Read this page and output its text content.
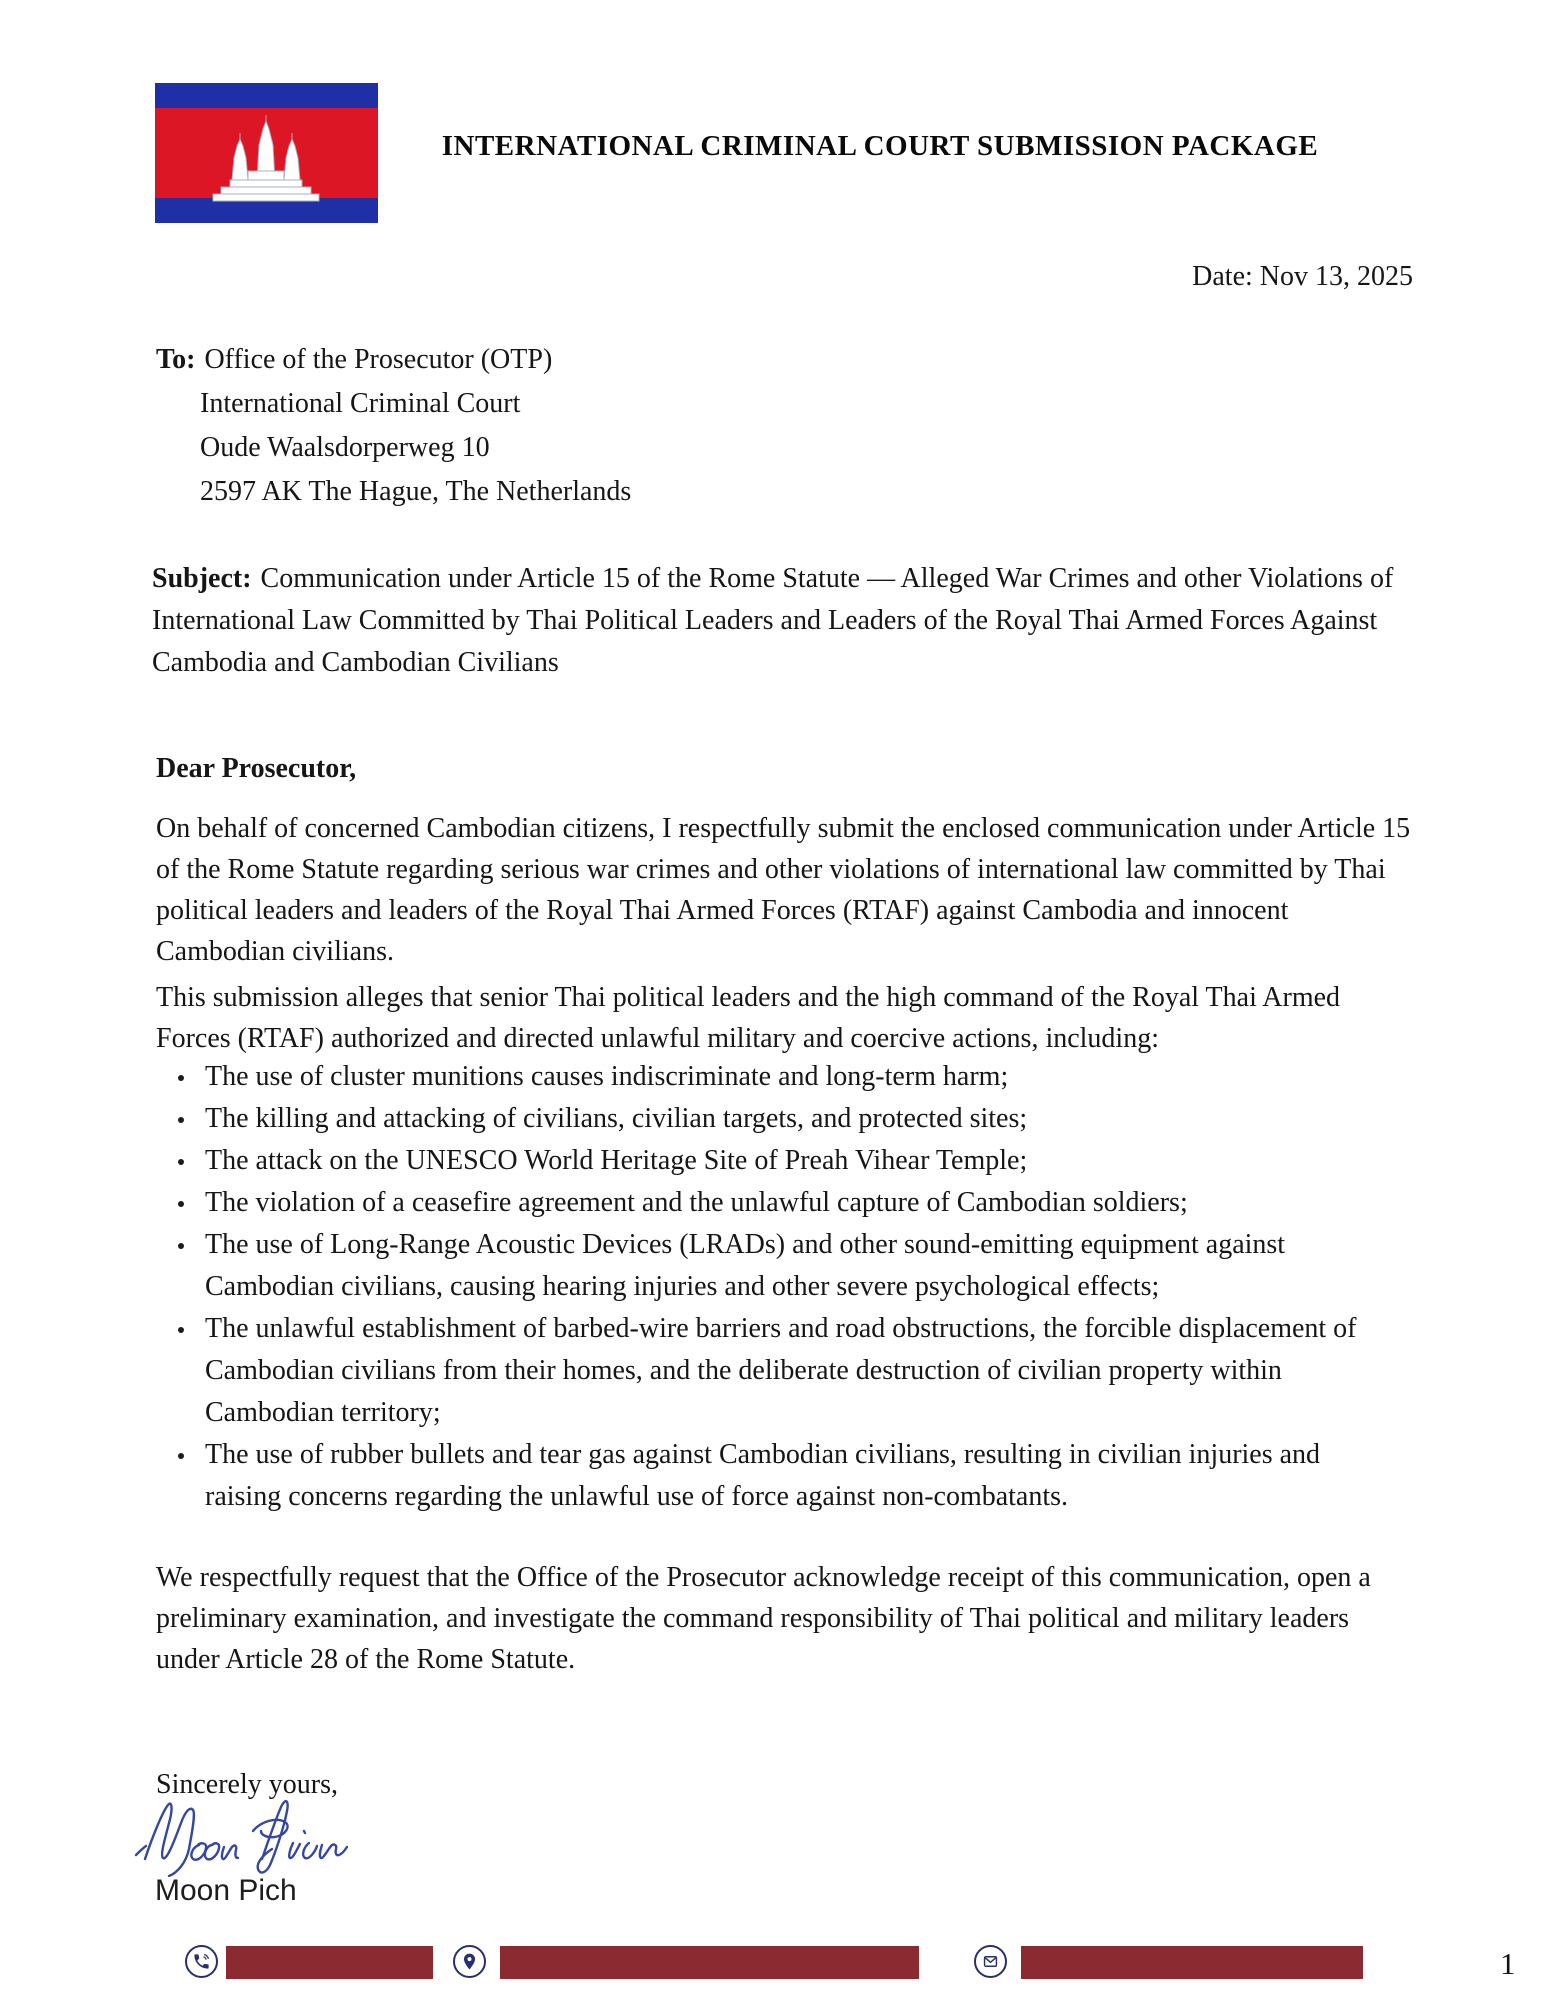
INTERNATIONAL CRIMINAL COURT SUBMISSION PACKAGE
Date: Nov 13, 2025
To: Office of the Prosecutor (OTP)
International Criminal Court
Oude Waalsdorperweg 10
2597 AK The Hague, The Netherlands

Subject: Communication under Article 15 of the Rome Statute — Alleged War Crimes and other Violations of International Law Committed by Thai Political Leaders and Leaders of the Royal Thai Armed Forces Against Cambodia and Cambodian Civilians

Dear Prosecutor,

On behalf of concerned Cambodian citizens, I respectfully submit the enclosed communication under Article 15 of the Rome Statute regarding serious war crimes and other violations of international law committed by Thai political leaders and leaders of the Royal Thai Armed Forces (RTAF) against Cambodia and innocent Cambodian civilians.

This submission alleges that senior Thai political leaders and the high command of the Royal Thai Armed Forces (RTAF) authorized and directed unlawful military and coercive actions, including:

The use of cluster munitions causes indiscriminate and long-term harm;
The killing and attacking of civilians, civilian targets, and protected sites;
The attack on the UNESCO World Heritage Site of Preah Vihear Temple;
The violation of a ceasefire agreement and the unlawful capture of Cambodian soldiers;
The use of Long-Range Acoustic Devices (LRADs) and other sound-emitting equipment against Cambodian civilians, causing hearing injuries and other severe psychological effects;
The unlawful establishment of barbed-wire barriers and road obstructions, the forcible displacement of Cambodian civilians from their homes, and the deliberate destruction of civilian property within Cambodian territory;
The use of rubber bullets and tear gas against Cambodian civilians, resulting in civilian injuries and raising concerns regarding the unlawful use of force against non-combatants.

We respectfully request that the Office of the Prosecutor acknowledge receipt of this communication, open a preliminary examination, and investigate the command responsibility of Thai political and military leaders under Article 28 of the Rome Statute.

Sincerely yours,

Moon Pich
1
